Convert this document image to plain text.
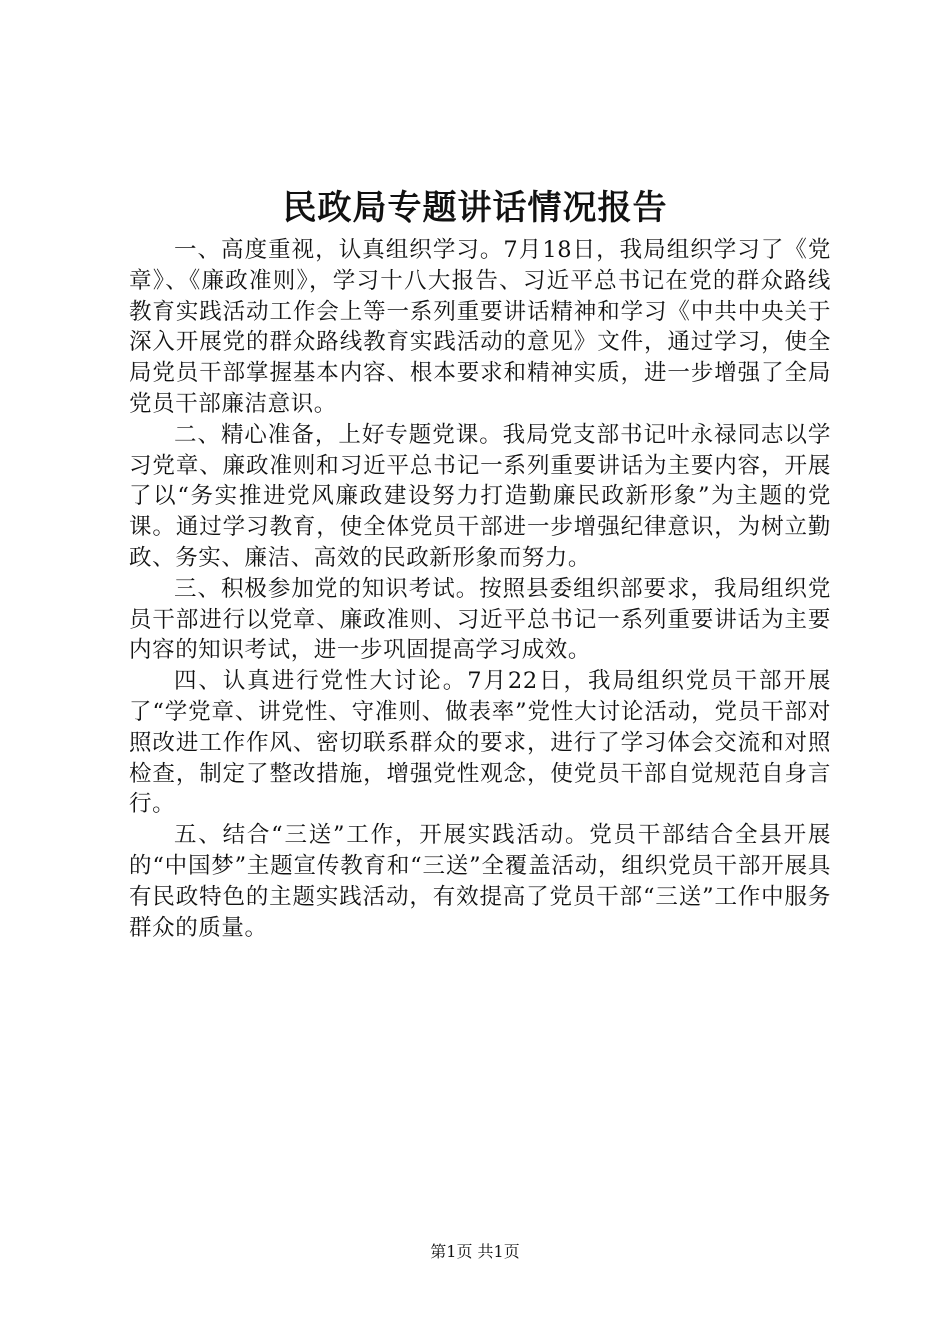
民政局专题讲话情况报告

一、高度重视，认真组织学习。7月18日，我局组织学习了《党章》、《廉政准则》，学习十八大报告、习近平总书记在党的群众路线教育实践活动工作会上等一系列重要讲话精神和学习《中共中央关于深入开展党的群众路线教育实践活动的意见》文件，通过学习，使全局党员干部掌握基本内容、根本要求和精神实质，进一步增强了全局党员干部廉洁意识。

二、精心准备，上好专题党课。我局党支部书记叶永禄同志以学习党章、廉政准则和习近平总书记一系列重要讲话为主要内容，开展了以“务实推进党风廉政建设努力打造勤廉民政新形象”为主题的党课。通过学习教育，使全体党员干部进一步增强纪律意识，为树立勤政、务实、廉洁、高效的民政新形象而努力。

三、积极参加党的知识考试。按照县委组织部要求，我局组织党员干部进行以党章、廉政准则、习近平总书记一系列重要讲话为主要内容的知识考试，进一步巩固提高学习成效。

四、认真进行党性大讨论。7月22日，我局组织党员干部开展了“学党章、讲党性、守准则、做表率”党性大讨论活动，党员干部对照改进工作作风、密切联系群众的要求，进行了学习体会交流和对照检查，制定了整改措施，增强党性观念，使党员干部自觉规范自身言行。

五、结合“三送”工作，开展实践活动。党员干部结合全县开展的“中国梦”主题宣传教育和“三送”全覆盖活动，组织党员干部开展具有民政特色的主题实践活动，有效提高了党员干部“三送”工作中服务群众的质量。

第1页 共1页
